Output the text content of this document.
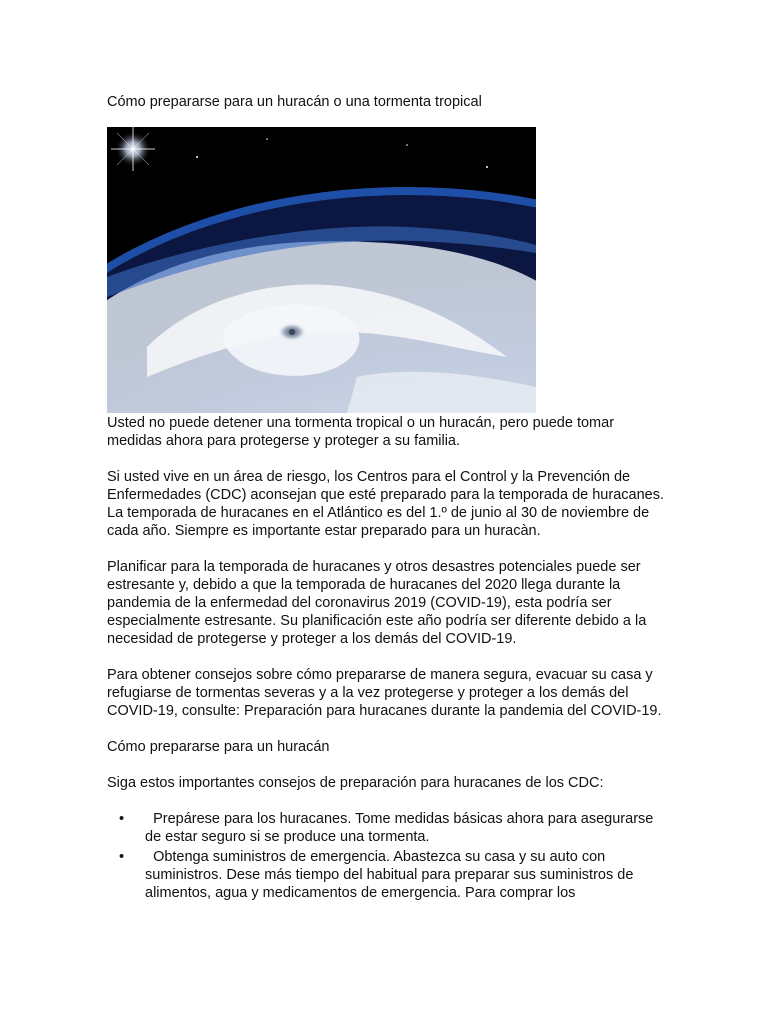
Cómo prepararse para un huracán o una tormenta tropical

Usted no puede detener una tormenta tropical o un huracán, pero puede tomar medidas ahora para protegerse y proteger a su familia.

Si usted vive en un área de riesgo, los Centros para el Control y la Prevención de Enfermedades (CDC) aconsejan que esté preparado para la temporada de huracanes. La temporada de huracanes en el Atlántico es del 1.º de junio al 30 de noviembre de cada año. Siempre es importante estar preparado para un huracàn.

Planificar para la temporada de huracanes y otros desastres potenciales puede ser estresante y, debido a que la temporada de huracanes del 2020 llega durante la pandemia de la enfermedad del coronavirus 2019 (COVID-19), esta podría ser especialmente estresante. Su planificación este año podría ser diferente debido a la necesidad de protegerse y proteger a los demás del COVID-19.

Para obtener consejos sobre cómo prepararse de manera segura, evacuar su casa y refugiarse de tormentas severas y a la vez protegerse y proteger a los demás del COVID-19, consulte: Preparación para huracanes durante la pandemia del COVID-19.

Cómo prepararse para un huracán

Siga estos importantes consejos de preparación para huracanes de los CDC:

• Prepárese para los huracanes. Tome medidas básicas ahora para asegurarse de estar seguro si se produce una tormenta.
• Obtenga suministros de emergencia. Abastezca su casa y su auto con suministros. Dese más tiempo del habitual para preparar sus suministros de alimentos, agua y medicamentos de emergencia. Para comprar los
